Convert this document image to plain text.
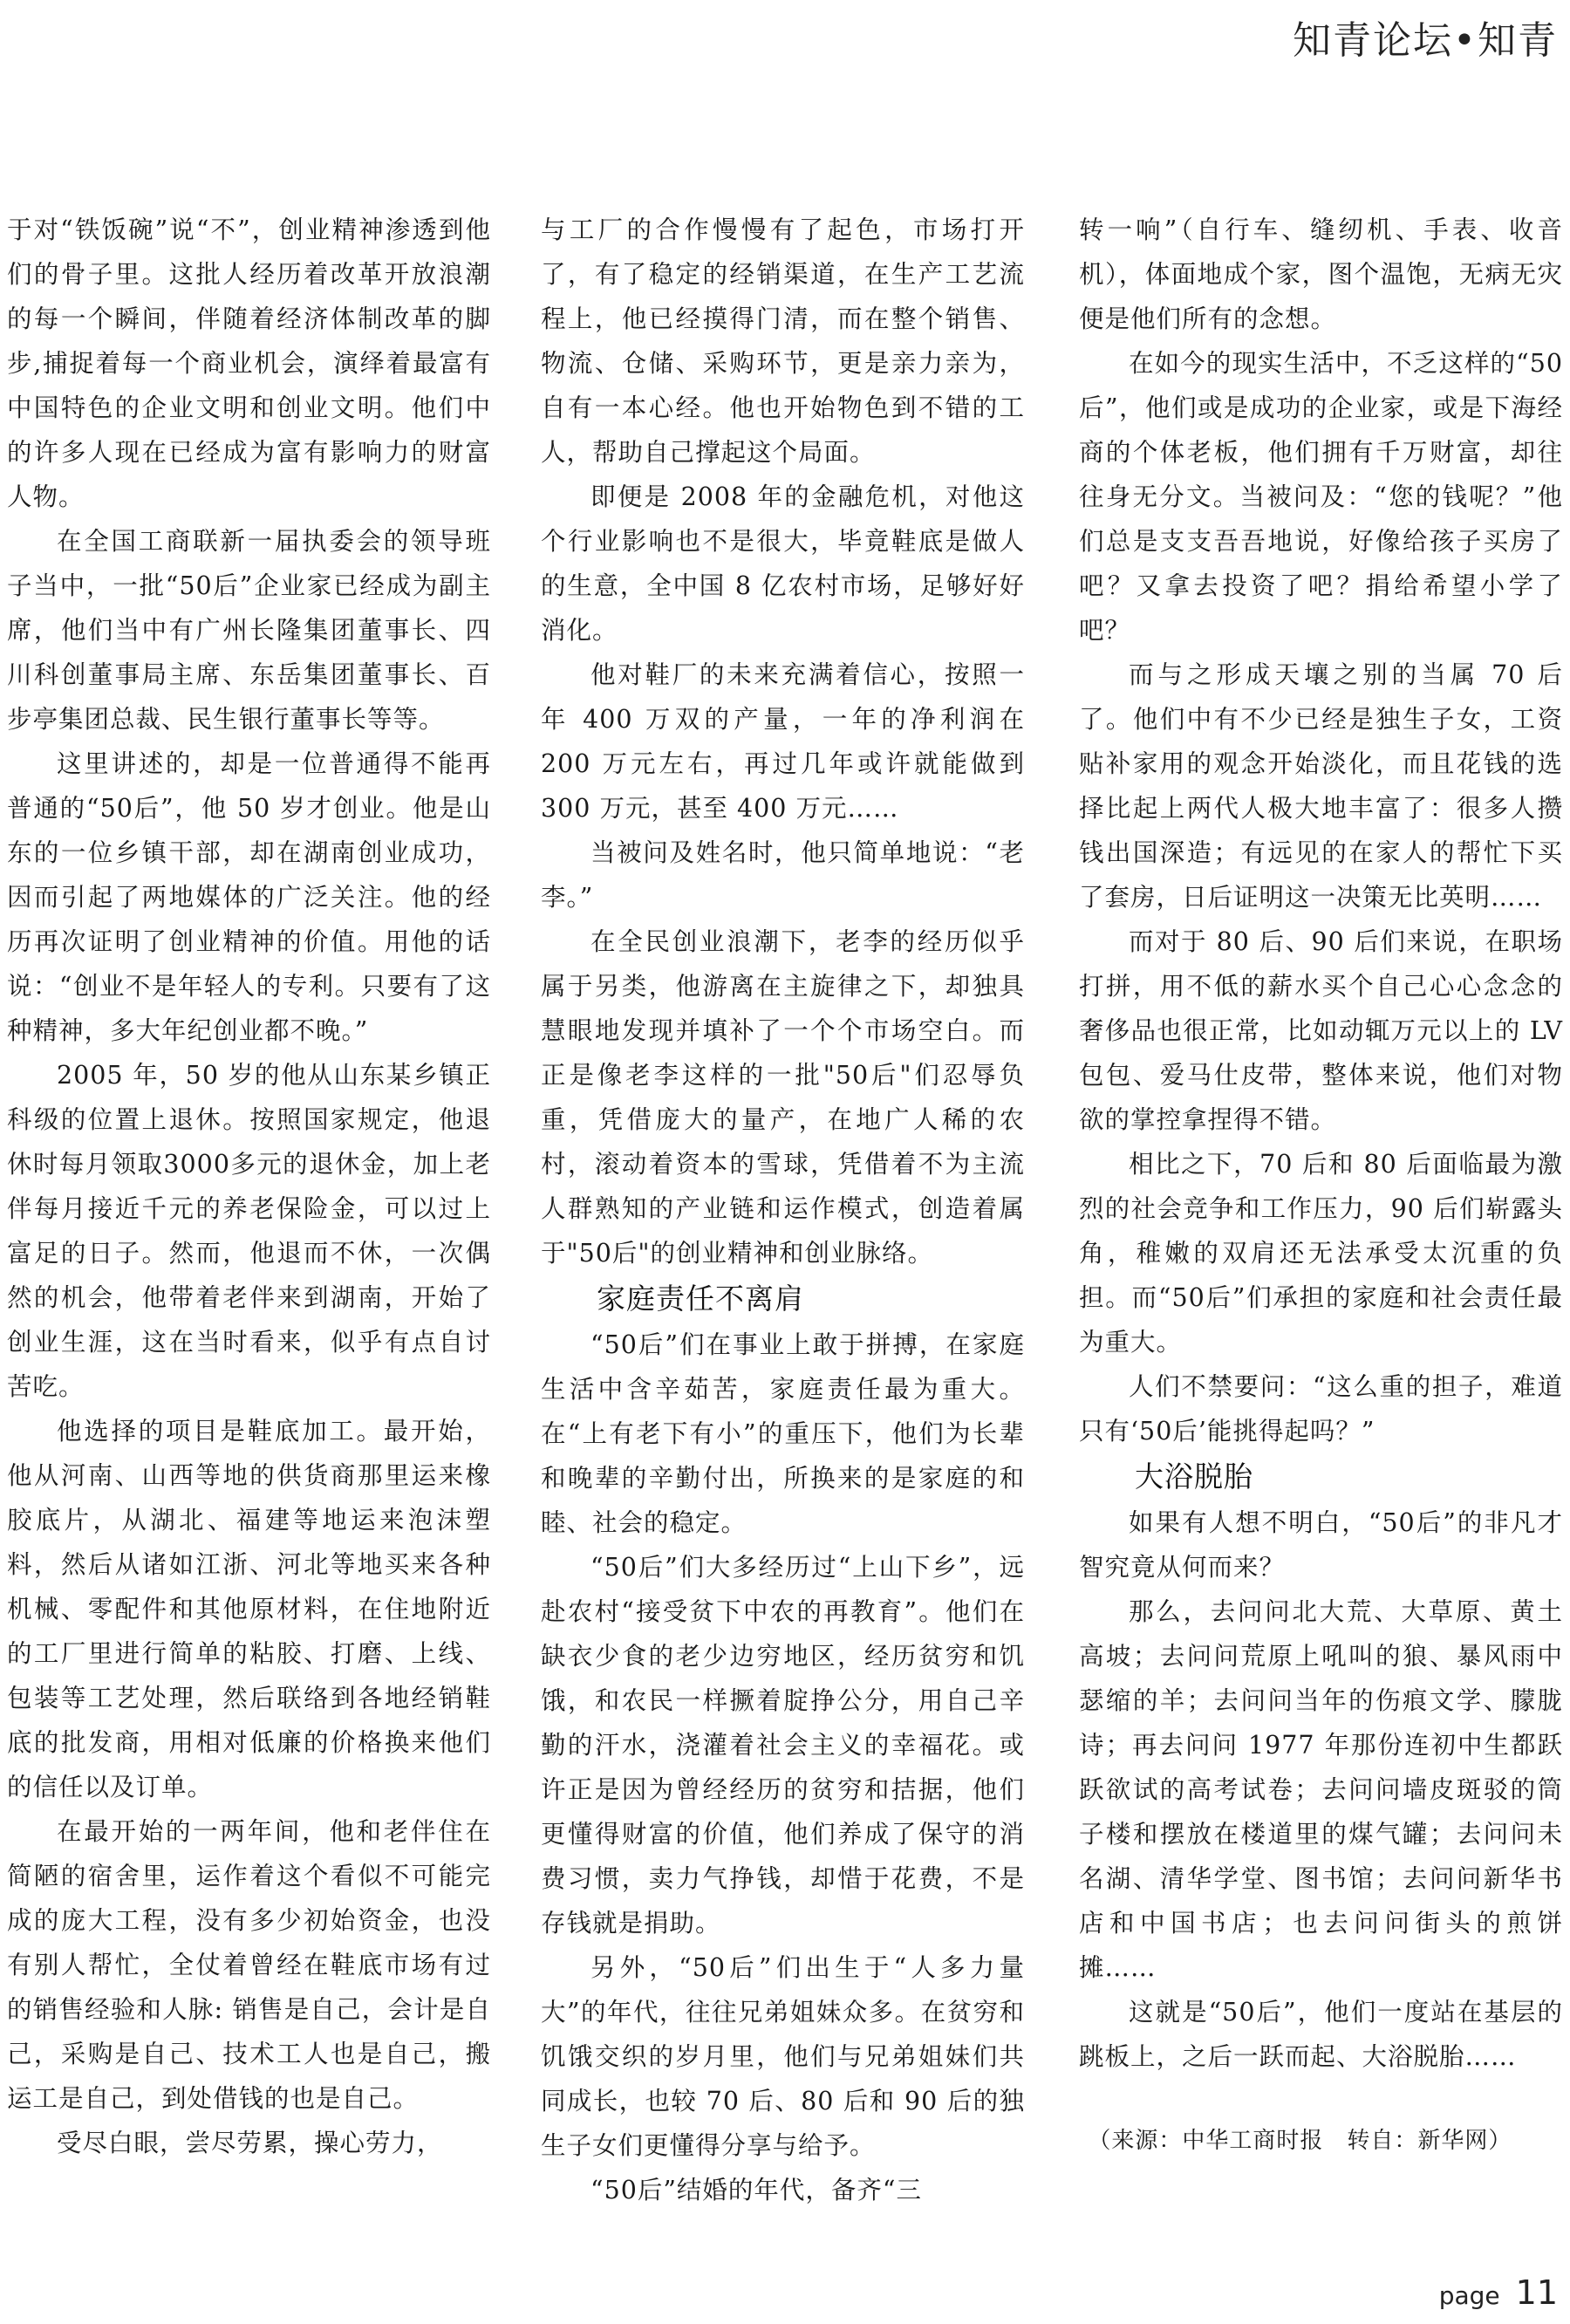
知青论坛•知青

于对“铁饭碗”说“不”，创业精神渗透到他们的骨子里。这批人经历着改革开放浪潮的每一个瞬间，伴随着经济体制改革的脚步,捕捉着每一个商业机会，演绎着最富有中国特色的企业文明和创业文明。他们中的许多人现在已经成为富有影响力的财富人物。

在全国工商联新一届执委会的领导班子当中，一批“50后”企业家已经成为副主席，他们当中有广州长隆集团董事长、四川科创董事局主席、东岳集团董事长、百步亭集团总裁、民生银行董事长等等。

这里讲述的，却是一位普通得不能再普通的“50后”，他 50 岁才创业。他是山东的一位乡镇干部，却在湖南创业成功，因而引起了两地媒体的广泛关注。他的经历再次证明了创业精神的价值。用他的话说：“创业不是年轻人的专利。只要有了这种精神，多大年纪创业都不晚。”

2005 年，50 岁的他从山东某乡镇正科级的位置上退休。按照国家规定，他退休时每月领取3000多元的退休金，加上老伴每月接近千元的养老保险金，可以过上富足的日子。然而，他退而不休，一次偶然的机会，他带着老伴来到湖南，开始了创业生涯，这在当时看来，似乎有点自讨苦吃。

他选择的项目是鞋底加工。最开始，他从河南、山西等地的供货商那里运来橡胶底片，从湖北、福建等地运来泡沫塑料，然后从诸如江浙、河北等地买来各种机械、零配件和其他原材料，在住地附近的工厂里进行简单的粘胶、打磨、上线、包装等工艺处理，然后联络到各地经销鞋底的批发商，用相对低廉的价格换来他们的信任以及订单。

在最开始的一两年间，他和老伴住在简陋的宿舍里，运作着这个看似不可能完成的庞大工程，没有多少初始资金，也没有别人帮忙，全仗着曾经在鞋底市场有过的销售经验和人脉: 销售是自己，会计是自己，采购是自己、技术工人也是自己，搬运工是自己，到处借钱的也是自己。

受尽白眼，尝尽劳累，操心劳力，

与工厂的合作慢慢有了起色，市场打开了，有了稳定的经销渠道，在生产工艺流程上，他已经摸得门清，而在整个销售、物流、仓储、采购环节，更是亲力亲为，自有一本心经。他也开始物色到不错的工人，帮助自己撑起这个局面。

即便是 2008 年的金融危机，对他这个行业影响也不是很大，毕竟鞋底是做人的生意，全中国 8 亿农村市场，足够好好消化。

他对鞋厂的未来充满着信心，按照一年 400 万双的产量，一年的净利润在 200 万元左右，再过几年或许就能做到 300 万元，甚至 400 万元……

当被问及姓名时，他只简单地说：“老李。”

在全民创业浪潮下，老李的经历似乎属于另类，他游离在主旋律之下，却独具慧眼地发现并填补了一个个市场空白。而正是像老李这样的一批"50后"们忍辱负重，凭借庞大的量产，在地广人稀的农村，滚动着资本的雪球，凭借着不为主流人群熟知的产业链和运作模式，创造着属于"50后"的创业精神和创业脉络。

家庭责任不离肩

“50后”们在事业上敢于拼搏，在家庭生活中含辛茹苦，家庭责任最为重大。在“上有老下有小”的重压下，他们为长辈和晚辈的辛勤付出，所换来的是家庭的和睦、社会的稳定。

“50后”们大多经历过“上山下乡”，远赴农村“接受贫下中农的再教育”。他们在缺衣少食的老少边穷地区，经历贫穷和饥饿，和农民一样撅着腚挣公分，用自己辛勤的汗水，浇灌着社会主义的幸福花。或许正是因为曾经经历的贫穷和拮据，他们更懂得财富的价值，他们养成了保守的消费习惯，卖力气挣钱，却惜于花费，不是存钱就是捐助。

另外，“50后”们出生于“人多力量大”的年代，往往兄弟姐妹众多。在贫穷和饥饿交织的岁月里，他们与兄弟姐妹们共同成长，也较 70 后、80 后和 90 后的独生子女们更懂得分享与给予。

“50后”结婚的年代，备齐“三

转一响”（自行车、缝纫机、手表、收音机），体面地成个家，图个温饱，无病无灾便是他们所有的念想。

在如今的现实生活中，不乏这样的“50后”，他们或是成功的企业家，或是下海经商的个体老板，他们拥有千万财富，却往往身无分文。当被问及：“您的钱呢？”他们总是支支吾吾地说，好像给孩子买房了吧？又拿去投资了吧？捐给希望小学了吧？

而与之形成天壤之别的当属 70 后了。他们中有不少已经是独生子女，工资贴补家用的观念开始淡化，而且花钱的选择比起上两代人极大地丰富了：很多人攒钱出国深造；有远见的在家人的帮忙下买了套房，日后证明这一决策无比英明……

而对于 80 后、90 后们来说，在职场打拼，用不低的薪水买个自己心心念念的奢侈品也很正常，比如动辄万元以上的 LV 包包、爱马仕皮带，整体来说，他们对物欲的掌控拿捏得不错。

相比之下，70 后和 80 后面临最为激烈的社会竞争和工作压力，90 后们崭露头角，稚嫩的双肩还无法承受太沉重的负担。而“50后”们承担的家庭和社会责任最为重大。

人们不禁要问：“这么重的担子，难道只有‘50后’能挑得起吗？”

大浴脱胎

如果有人想不明白，“50后”的非凡才智究竟从何而来？

那么，去问问北大荒、大草原、黄土高坡；去问问荒原上吼叫的狼、暴风雨中瑟缩的羊；去问问当年的伤痕文学、朦胧诗；再去问问 1977 年那份连初中生都跃跃欲试的高考试卷；去问问墙皮斑驳的筒子楼和摆放在楼道里的煤气罐；去问问未名湖、清华学堂、图书馆；去问问新华书店和中国书店；也去问问街头的煎饼摊……

这就是“50后”，他们一度站在基层的跳板上，之后一跃而起、大浴脱胎……

（来源：中华工商时报　转自：新华网）

page 11
